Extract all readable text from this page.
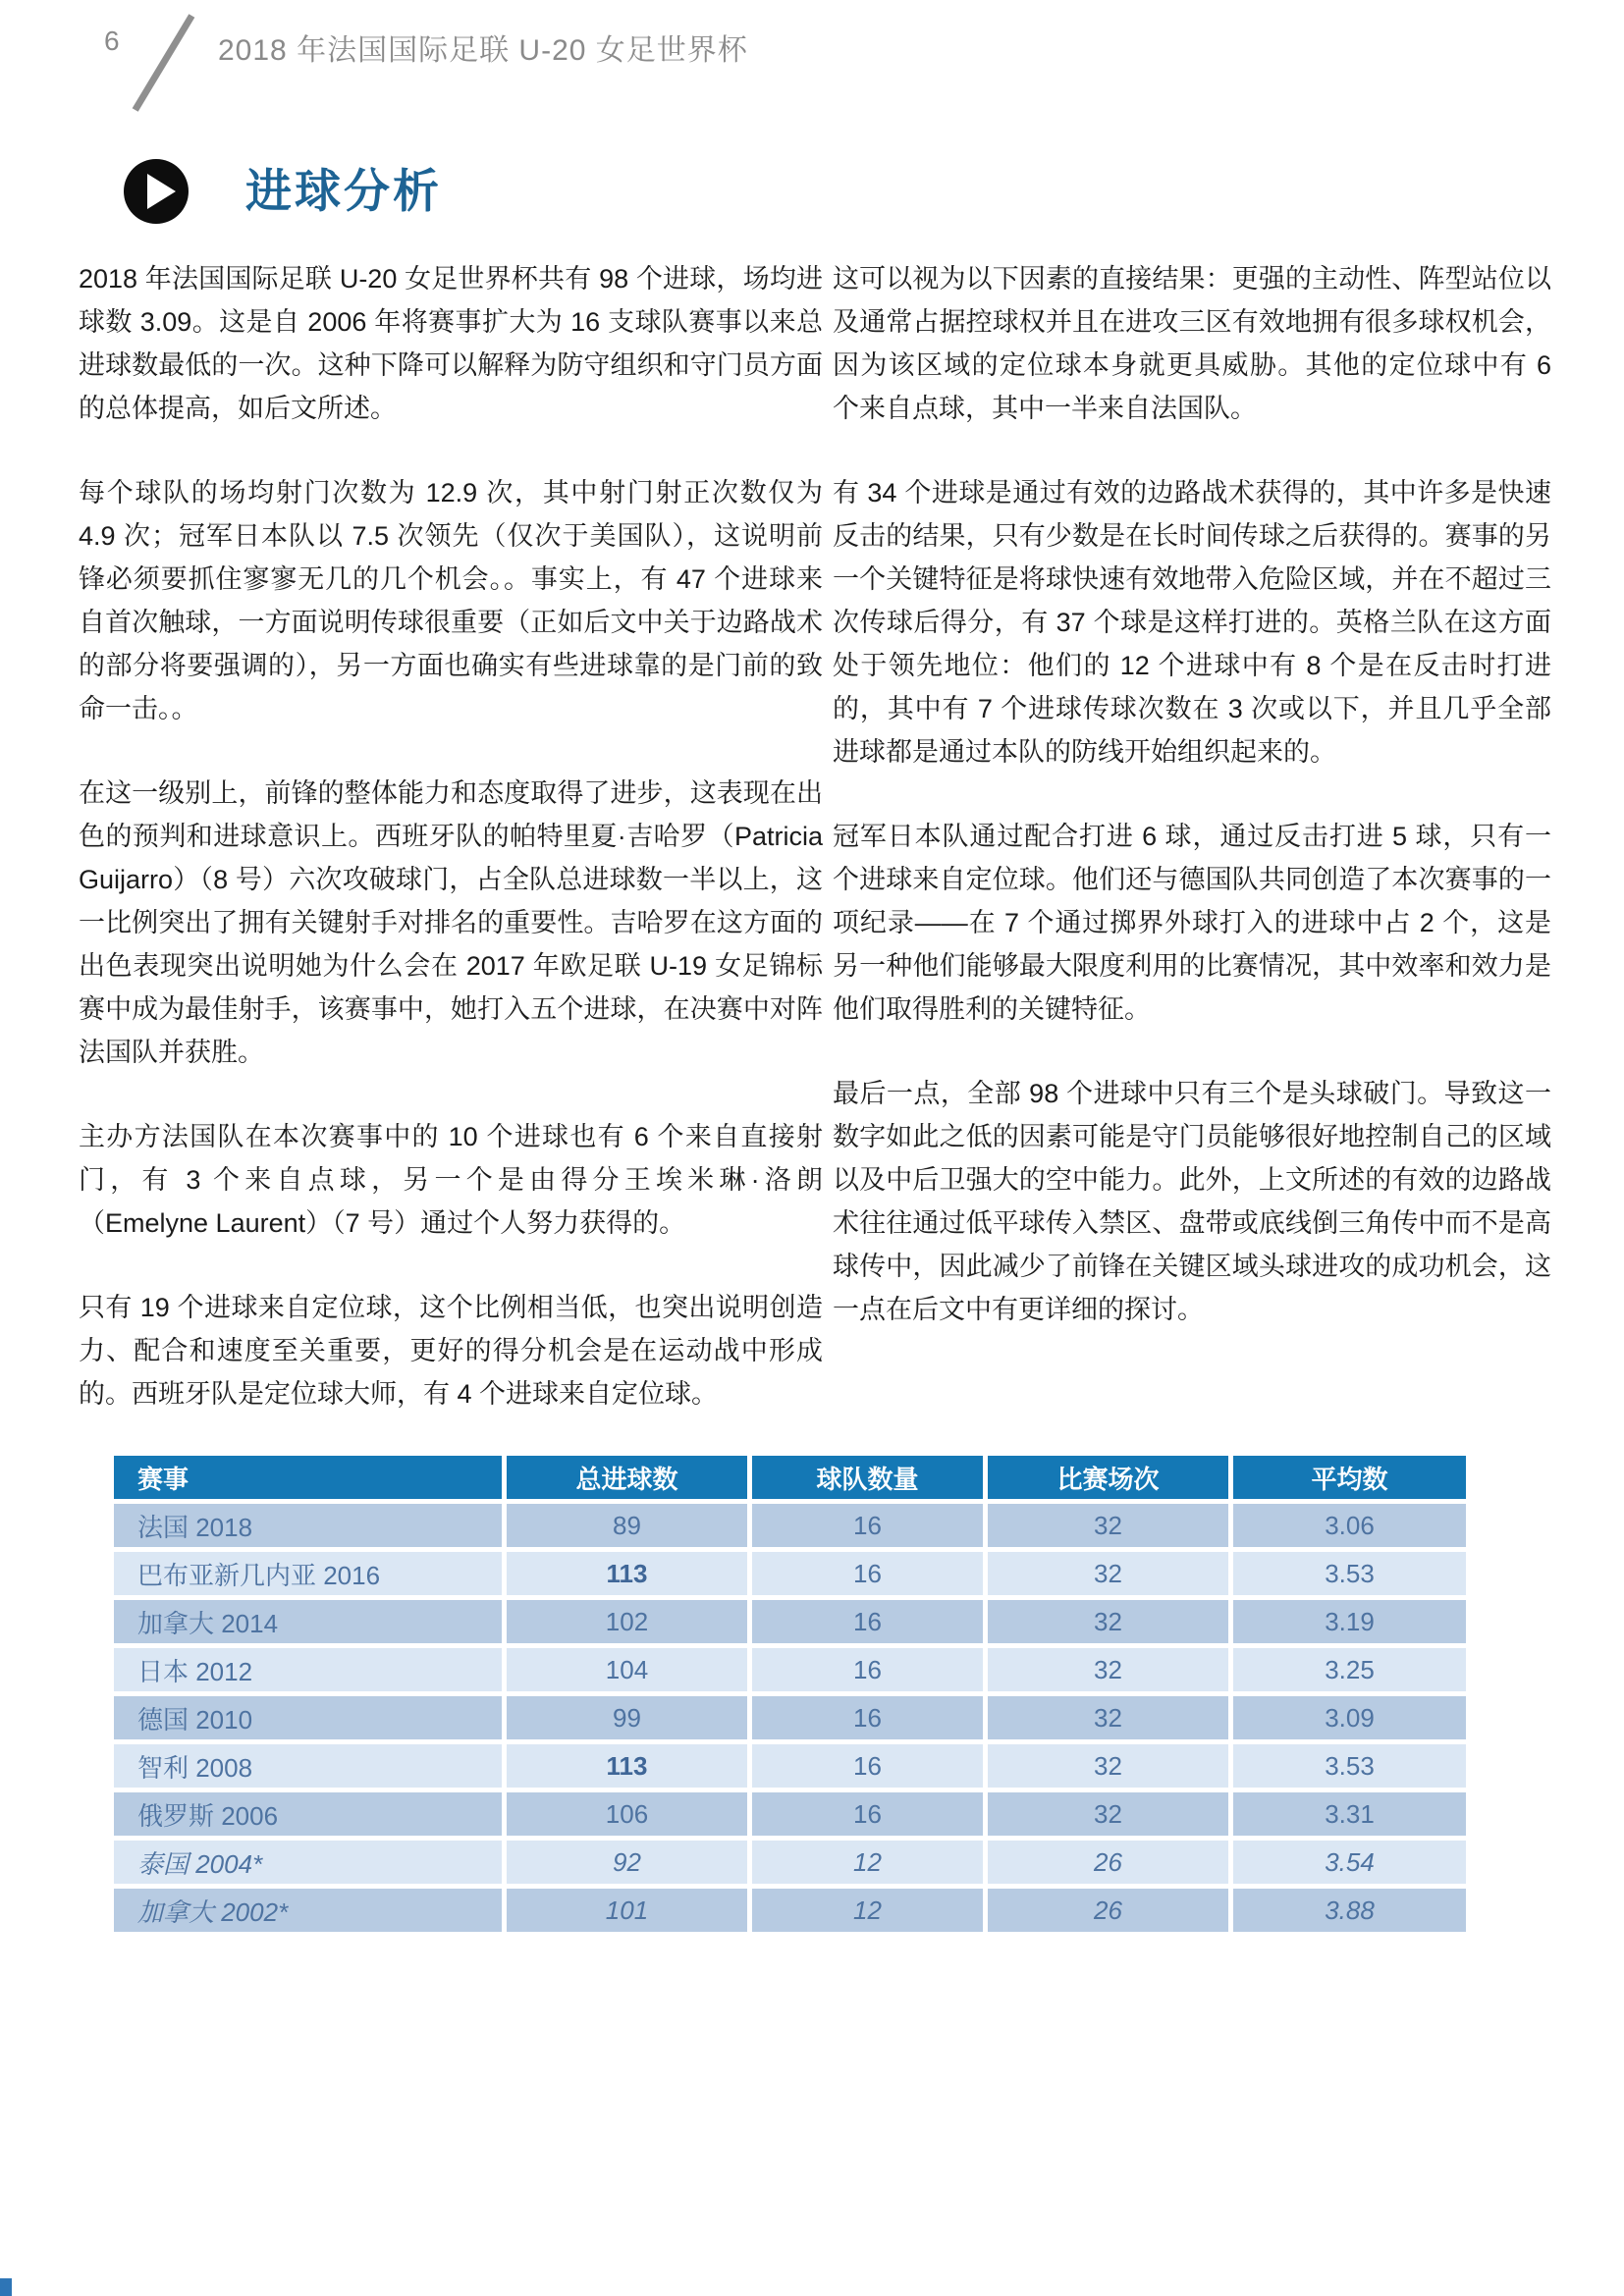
6	2018 年法国国际足联 U-20 女足世界杯
进球分析

2018 年法国国际足联 U-20 女足世界杯共有 98 个进球，场均进球数 3.09。这是自 2006 年将赛事扩大为 16 支球队赛事以来总进球数最低的一次。这种下降可以解释为防守组织和守门员方面的总体提高，如后文所述。

每个球队的场均射门次数为 12.9 次，其中射门射正次数仅为 4.9 次；冠军日本队以 7.5 次领先（仅次于美国队），这说明前锋必须要抓住寥寥无几的几个机会。。事实上，有 47 个进球来自首次触球，一方面说明传球很重要（正如后文中关于边路战术的部分将要强调的），另一方面也确实有些进球靠的是门前的致命一击。。

在这一级别上，前锋的整体能力和态度取得了进步，这表现在出色的预判和进球意识上。西班牙队的帕特里夏·吉哈罗（Patricia Guijarro）（8 号）六次攻破球门，占全队总进球数一半以上，这一比例突出了拥有关键射手对排名的重要性。吉哈罗在这方面的出色表现突出说明她为什么会在 2017 年欧足联 U-19 女足锦标赛中成为最佳射手，该赛事中，她打入五个进球，在决赛中对阵法国队并获胜。

主办方法国队在本次赛事中的 10 个进球也有 6 个来自直接射门，有 3 个来自点球，另一个是由得分王埃米琳·洛朗（Emelyne Laurent）（7 号）通过个人努力获得的。

只有 19 个进球来自定位球，这个比例相当低，也突出说明创造力、配合和速度至关重要，更好的得分机会是在运动战中形成的。西班牙队是定位球大师，有 4 个进球来自定位球。

这可以视为以下因素的直接结果：更强的主动性、阵型站位以及通常占据控球权并且在进攻三区有效地拥有很多球权机会，因为该区域的定位球本身就更具威胁。其他的定位球中有 6 个来自点球，其中一半来自法国队。

有 34 个进球是通过有效的边路战术获得的，其中许多是快速反击的结果，只有少数是在长时间传球之后获得的。赛事的另一个关键特征是将球快速有效地带入危险区域，并在不超过三次传球后得分，有 37 个球是这样打进的。英格兰队在这方面处于领先地位：他们的 12 个进球中有 8 个是在反击时打进的，其中有 7 个进球传球次数在 3 次或以下，并且几乎全部进球都是通过本队的防线开始组织起来的。

冠军日本队通过配合打进 6 球，通过反击打进 5 球，只有一个进球来自定位球。他们还与德国队共同创造了本次赛事的一项纪录——在 7 个通过掷界外球打入的进球中占 2 个，这是另一种他们能够最大限度利用的比赛情况，其中效率和效力是他们取得胜利的关键特征。

最后一点，全部 98 个进球中只有三个是头球破门。导致这一数字如此之低的因素可能是守门员能够很好地控制自己的区域以及中后卫强大的空中能力。此外，上文所述的有效的边路战术往往通过低平球传入禁区、盘带或底线倒三角传中而不是高球传中，因此减少了前锋在关键区域头球进攻的成功机会，这一点在后文中有更详细的探讨。

赛事	总进球数	球队数量	比赛场次	平均数
法国 2018	89	16	32	3.06
巴布亚新几内亚 2016	113	16	32	3.53
加拿大 2014	102	16	32	3.19
日本 2012	104	16	32	3.25
德国 2010	99	16	32	3.09
智利 2008	113	16	32	3.53
俄罗斯 2006	106	16	32	3.31
泰国 2004*	92	12	26	3.54
加拿大 2002*	101	12	26	3.88
